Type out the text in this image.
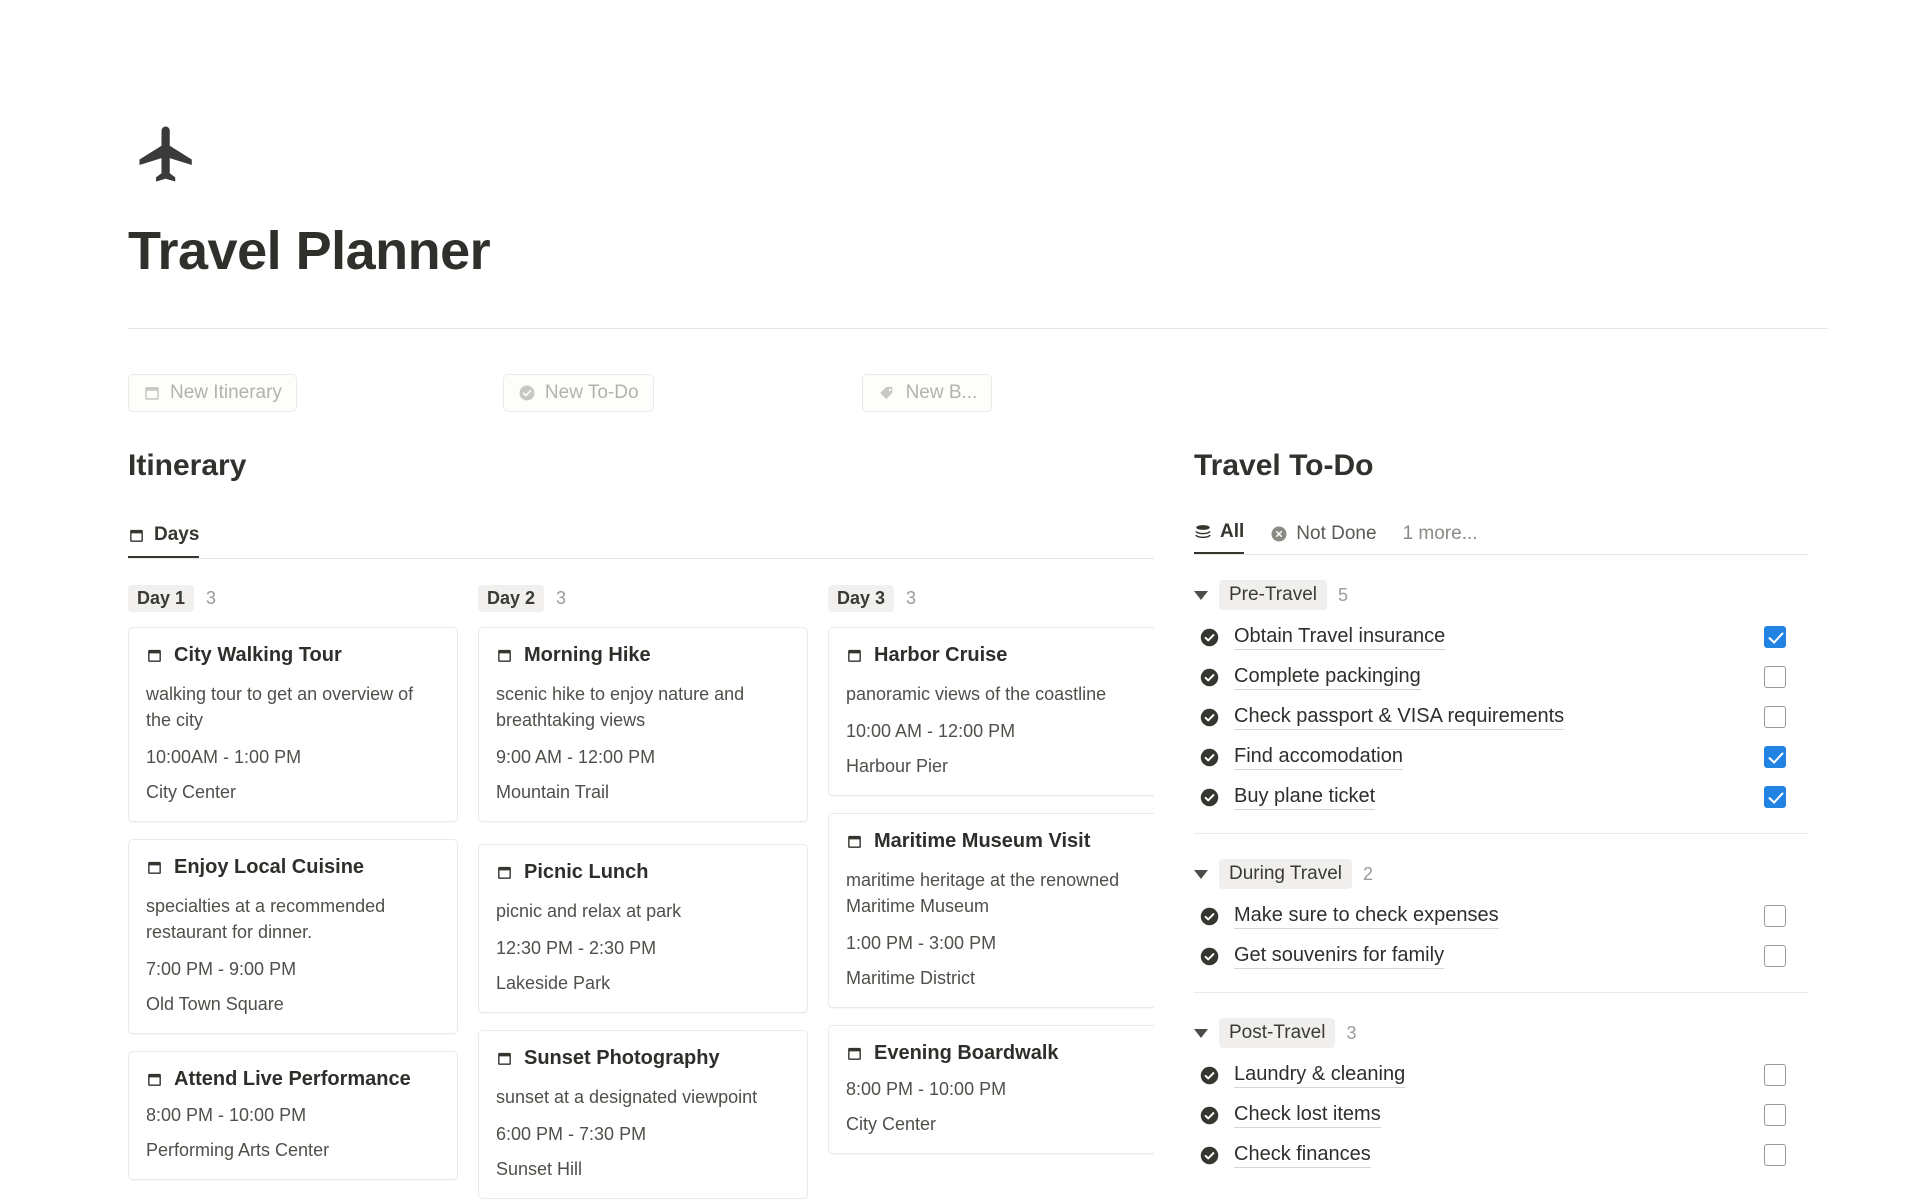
Travel Planner
New Itinerary	New To-Do	New B...
Itinerary
Days
Day 1	3
City Walking Tour
walking tour to get an overview of the city
10:00AM - 1:00 PM
City Center
Enjoy Local Cuisine
specialties at a recommended restaurant for dinner.
7:00 PM - 9:00 PM
Old Town Square
Attend Live Performance
8:00 PM - 10:00 PM
Performing Arts Center
Day 2	3
Morning Hike
scenic hike to enjoy nature and breathtaking views
9:00 AM - 12:00 PM
Mountain Trail
Picnic Lunch
picnic and relax at park
12:30 PM - 2:30 PM
Lakeside Park
Sunset Photography
sunset at a designated viewpoint
6:00 PM - 7:30 PM
Sunset Hill
Day 3	3
Harbor Cruise
panoramic views of the coastline
10:00 AM - 12:00 PM
Harbour Pier
Maritime Museum Visit
maritime heritage at the renowned Maritime Museum
1:00 PM - 3:00 PM
Maritime District
Evening Boardwalk
8:00 PM - 10:00 PM
City Center
Travel To-Do
All	Not Done 1 more...
Pre-Travel	5
Obtain Travel insurance
Complete packinging
Check passport & VISA requirements
Find accomodation
Buy plane ticket
During Travel	2
Make sure to check expenses
Get souvenirs for family
Post-Travel	3
Laundry & cleaning
Check lost items
Check finances
